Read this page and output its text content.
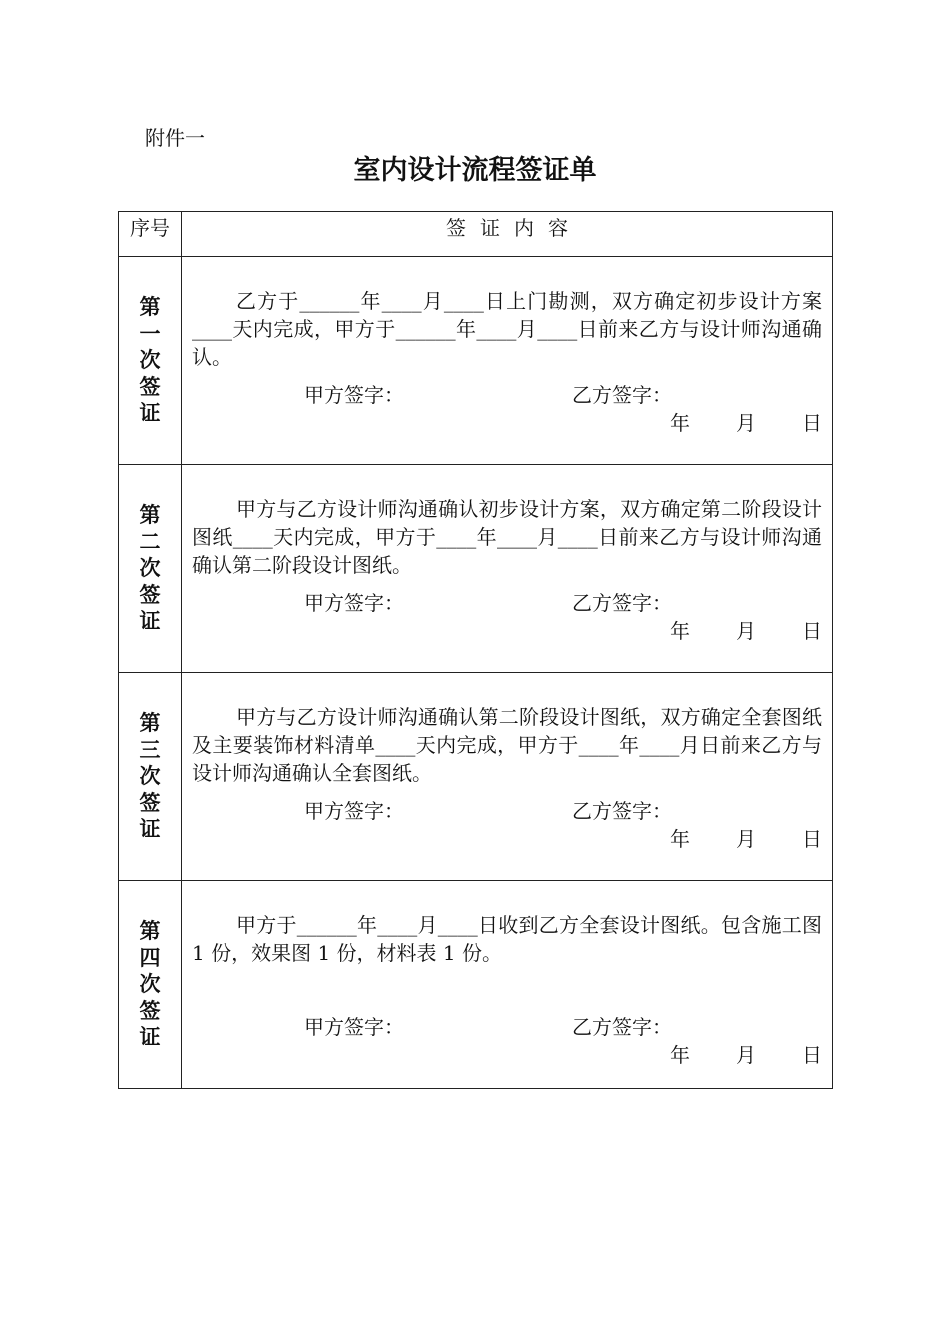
附件一
室内设计流程签证单
序号	签证内容
第一次签证	乙方于______年____月____日上门勘测，双方确定初步设计方案____天内完成，甲方于______年____月____日前来乙方与设计师沟通确认。

甲方签字： 乙方签字：
年 月 日

第二次签证	甲方与乙方设计师沟通确认初步设计方案，双方确定第二阶段设计图纸____天内完成，甲方于____年____月____日前来乙方与设计师沟通确认第二阶段设计图纸。

甲方签字： 乙方签字：
年 月 日

第三次签证	甲方与乙方设计师沟通确认第二阶段设计图纸，双方确定全套图纸及主要装饰材料清单____天内完成，甲方于____年____月日前来乙方与设计师沟通确认全套图纸。

甲方签字： 乙方签字：
年 月 日

第四次签证	甲方于______年____月____日收到乙方全套设计图纸。包含施工图 1 份，效果图 1 份，材料表 1 份。

甲方签字： 乙方签字：
年 月 日
